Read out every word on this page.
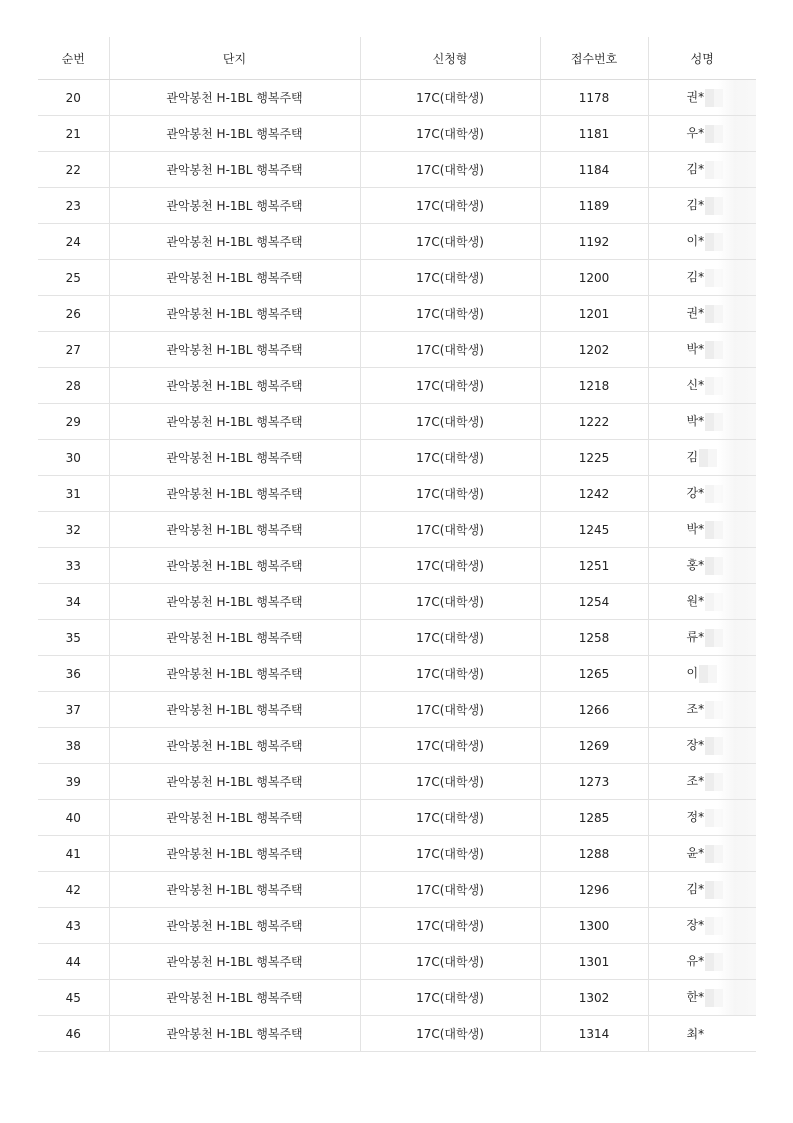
순번	단지	신청형	접수번호	성명
20	관악봉천 H-1BL 행복주택	17C(대학생)	1178	권*

21	관악봉천 H-1BL 행복주택	17C(대학생)	1181	우*

22	관악봉천 H-1BL 행복주택	17C(대학생)	1184	김*

23	관악봉천 H-1BL 행복주택	17C(대학생)	1189	김*

24	관악봉천 H-1BL 행복주택	17C(대학생)	1192	이*

25	관악봉천 H-1BL 행복주택	17C(대학생)	1200	김*

26	관악봉천 H-1BL 행복주택	17C(대학생)	1201	권*

27	관악봉천 H-1BL 행복주택	17C(대학생)	1202	박*

28	관악봉천 H-1BL 행복주택	17C(대학생)	1218	신*

29	관악봉천 H-1BL 행복주택	17C(대학생)	1222	박*

30	관악봉천 H-1BL 행복주택	17C(대학생)	1225	김

31	관악봉천 H-1BL 행복주택	17C(대학생)	1242	강*

32	관악봉천 H-1BL 행복주택	17C(대학생)	1245	박*

33	관악봉천 H-1BL 행복주택	17C(대학생)	1251	홍*

34	관악봉천 H-1BL 행복주택	17C(대학생)	1254	원*

35	관악봉천 H-1BL 행복주택	17C(대학생)	1258	류*

36	관악봉천 H-1BL 행복주택	17C(대학생)	1265	이

37	관악봉천 H-1BL 행복주택	17C(대학생)	1266	조*

38	관악봉천 H-1BL 행복주택	17C(대학생)	1269	장*

39	관악봉천 H-1BL 행복주택	17C(대학생)	1273	조*

40	관악봉천 H-1BL 행복주택	17C(대학생)	1285	정*

41	관악봉천 H-1BL 행복주택	17C(대학생)	1288	윤*

42	관악봉천 H-1BL 행복주택	17C(대학생)	1296	김*

43	관악봉천 H-1BL 행복주택	17C(대학생)	1300	장*

44	관악봉천 H-1BL 행복주택	17C(대학생)	1301	유*

45	관악봉천 H-1BL 행복주택	17C(대학생)	1302	한*

46	관악봉천 H-1BL 행복주택	17C(대학생)	1314	최*
